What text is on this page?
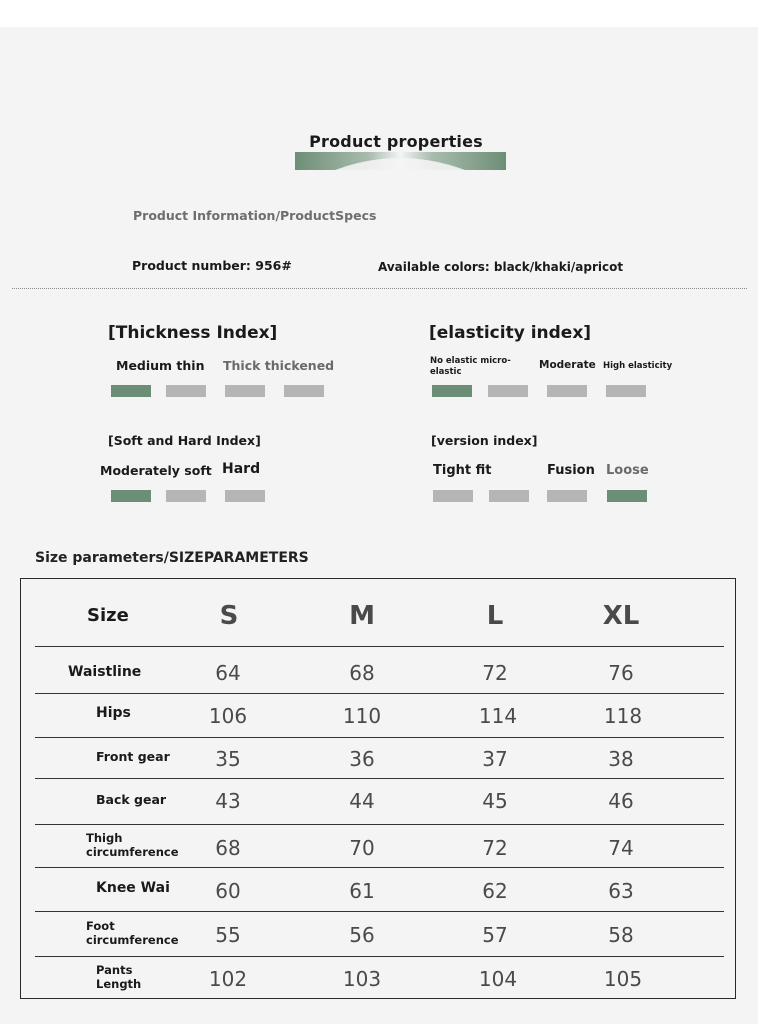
Product properties
Product Information/ProductSpecs
Product number: 956#	Available colors: black/khaki/apricot
[Thickness Index]
Medium thin Thick thickened
[elasticity index]
No elastic micro-elastic
Moderate High elasticity
[Soft and Hard Index]
Moderately soft Hard
[version index]
Tight fit	Fusion Loose
Size parameters/SIZEPARAMETERS
Size	S	M	L	XL
Waistline	64	68	72	76
Hips	106	110	114	118
Front gear	35	36	37	38
Back gear	43	44	45	46
Thigh circumference	68	70	72	74
Knee Wai	60	61	62	63
Foot circumference	55	56	57	58
Pants Length	102	103	104	105
